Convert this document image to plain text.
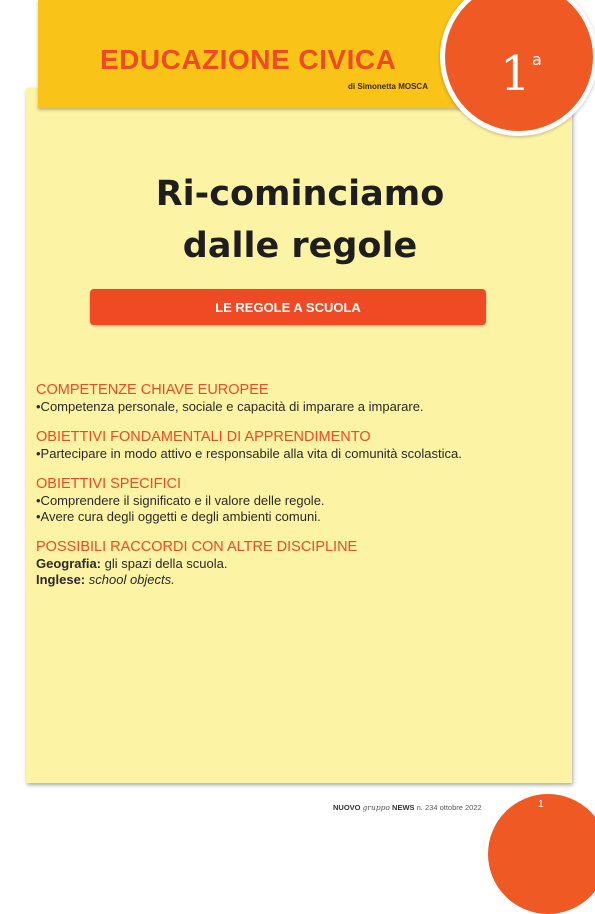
EDUCAZIONE CIVICA
di Simonetta MOSCA 1 a
Ri-cominciamo
dalle regole
LE REGOLE A SCUOLA
COMPETENZE CHIAVE EUROPEE
•Competenza personale, sociale e capacità di imparare a imparare.
OBIETTIVI FONDAMENTALI DI APPRENDIMENTO
•Partecipare in modo attivo e responsabile alla vita di comunità scolastica.
OBIETTIVI SPECIFICI
•Comprendere il significato e il valore delle regole.
•Avere cura degli oggetti e degli ambienti comuni.
POSSIBILI RACCORDI CON ALTRE DISCIPLINE
Geografia: gli spazi della scuola.
Inglese: school objects.
NUOVO gruppo NEWS n. 234 ottobre 2022	1
